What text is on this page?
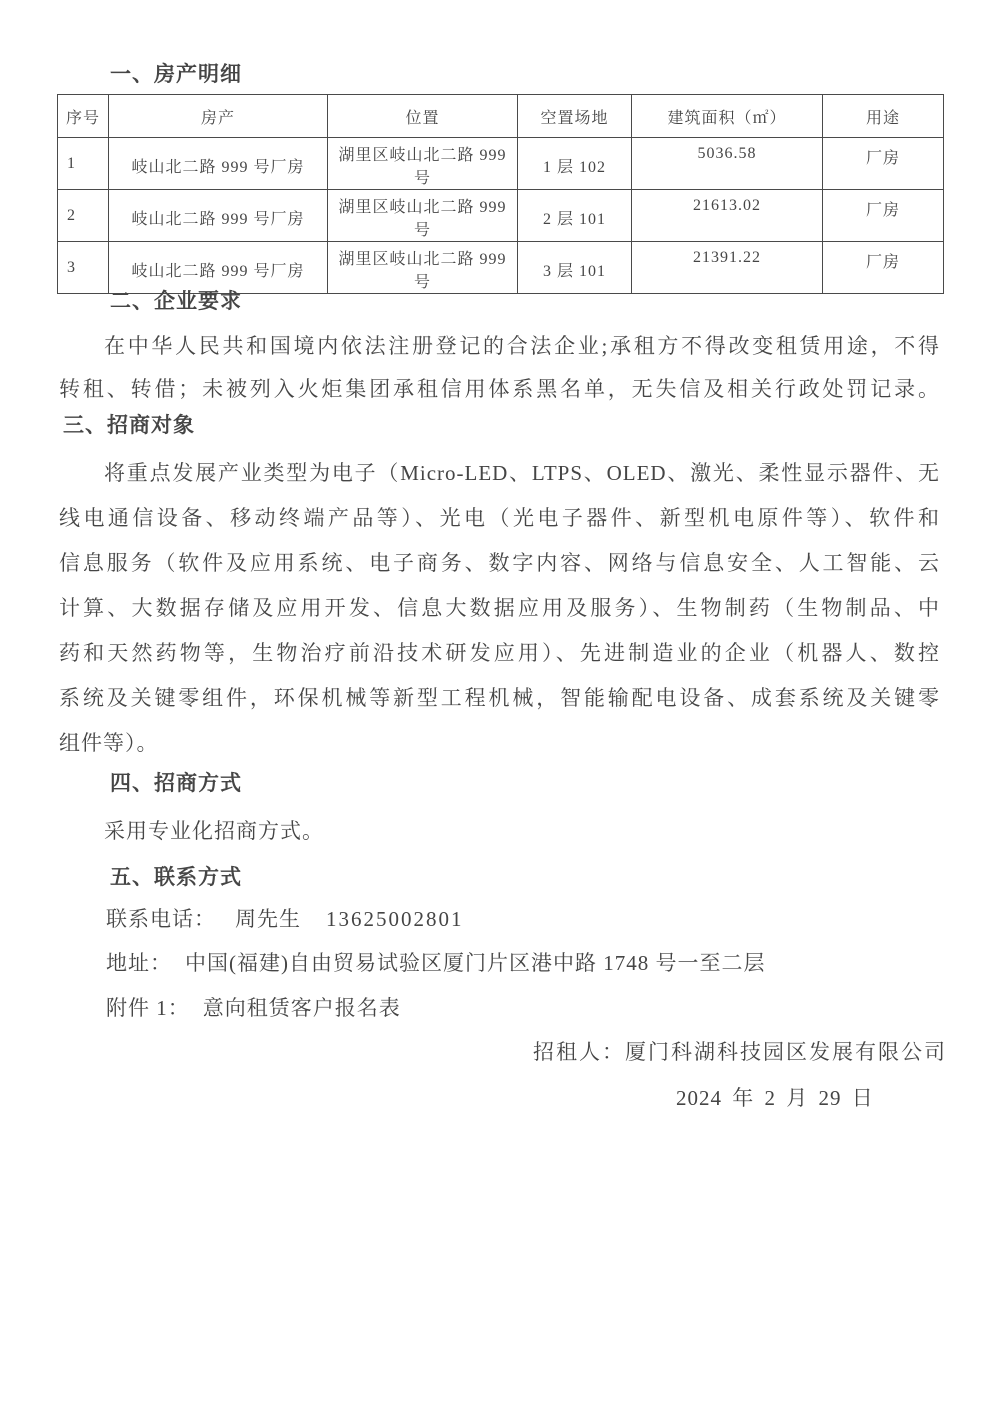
一、房产明细
序号	房产	位置	空置场地	建筑面积（㎡）	用途
1	岐山北二路 999 号厂房	湖里区岐山北二路 999 号	1 层 102	5036.58	厂房
2	岐山北二路 999 号厂房	湖里区岐山北二路 999 号	2 层 101	21613.02	厂房
3	岐山北二路 999 号厂房	湖里区岐山北二路 999 号	3 层 101	21391.22	厂房
二、企业要求
在中华人民共和国境内依法注册登记的合法企业;承租方不得改变租赁用途，不得
转租、转借；未被列入火炬集团承租信用体系黑名单，无失信及相关行政处罚记录。
三、招商对象
将重点发展产业类型为电子（Micro-LED、LTPS、OLED、激光、柔性显示器件、无
线电通信设备、移动终端产品等）、光电（光电子器件、新型机电原件等）、软件和
信息服务（软件及应用系统、电子商务、数字内容、网络与信息安全、人工智能、云
计算、大数据存储及应用开发、信息大数据应用及服务）、生物制药（生物制品、中
药和天然药物等，生物治疗前沿技术研发应用）、先进制造业的企业（机器人、数控
系统及关键零组件，环保机械等新型工程机械，智能输配电设备、成套系统及关键零
组件等）。
四、招商方式
采用专业化招商方式。
五、联系方式
联系电话： 周先生 13625002801
地址： 中国(福建)自由贸易试验区厦门片区港中路 1748 号一至二层
附件 1： 意向租赁客户报名表
招租人：厦门科湖科技园区发展有限公司
2024 年 2 月 29 日
